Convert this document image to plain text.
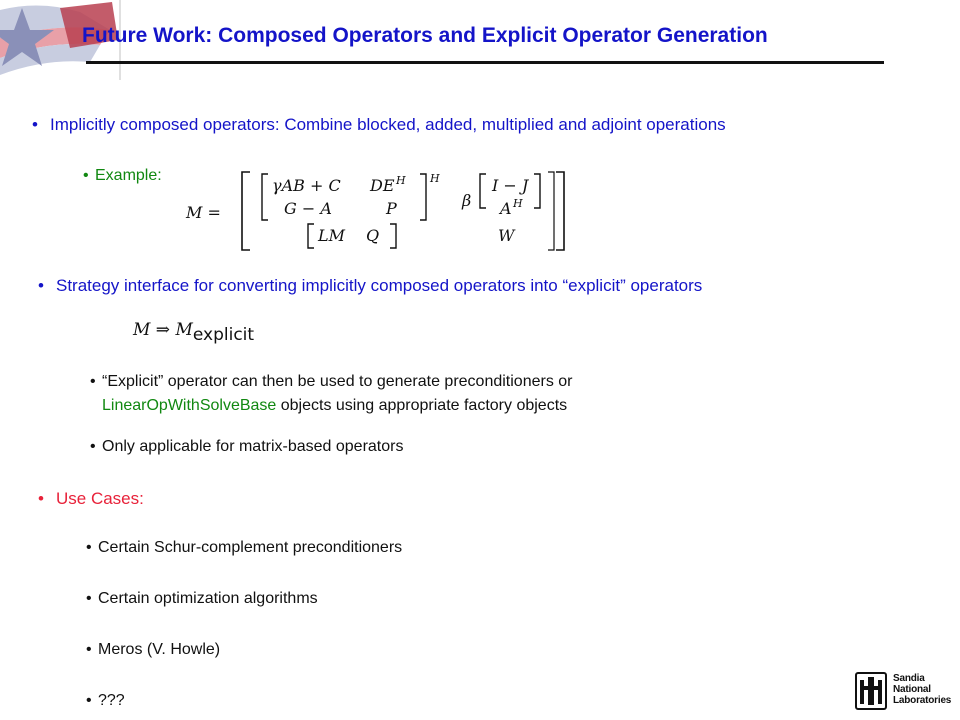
Future Work: Composed Operators and Explicit Operator Generation
• Implicitly composed operators: Combine blocked, added, multiplied and adjoint operations
• Example:
M =
γAB + C DE H
G − A	P
H
LM Q
β
I − J
A H
W
• Strategy interface for converting implicitly composed operators into “explicit” operators
M ⇒ Mexplicit
• “Explicit” operator can then be used to generate preconditioners or
LinearOpWithSolveBase objects using appropriate factory objects
• Only applicable for matrix-based operators
• Use Cases:
• Certain Schur-complement preconditioners
• Certain optimization algorithms
• Meros (V. Howle)
• ???
Sandia
National
Laboratories
